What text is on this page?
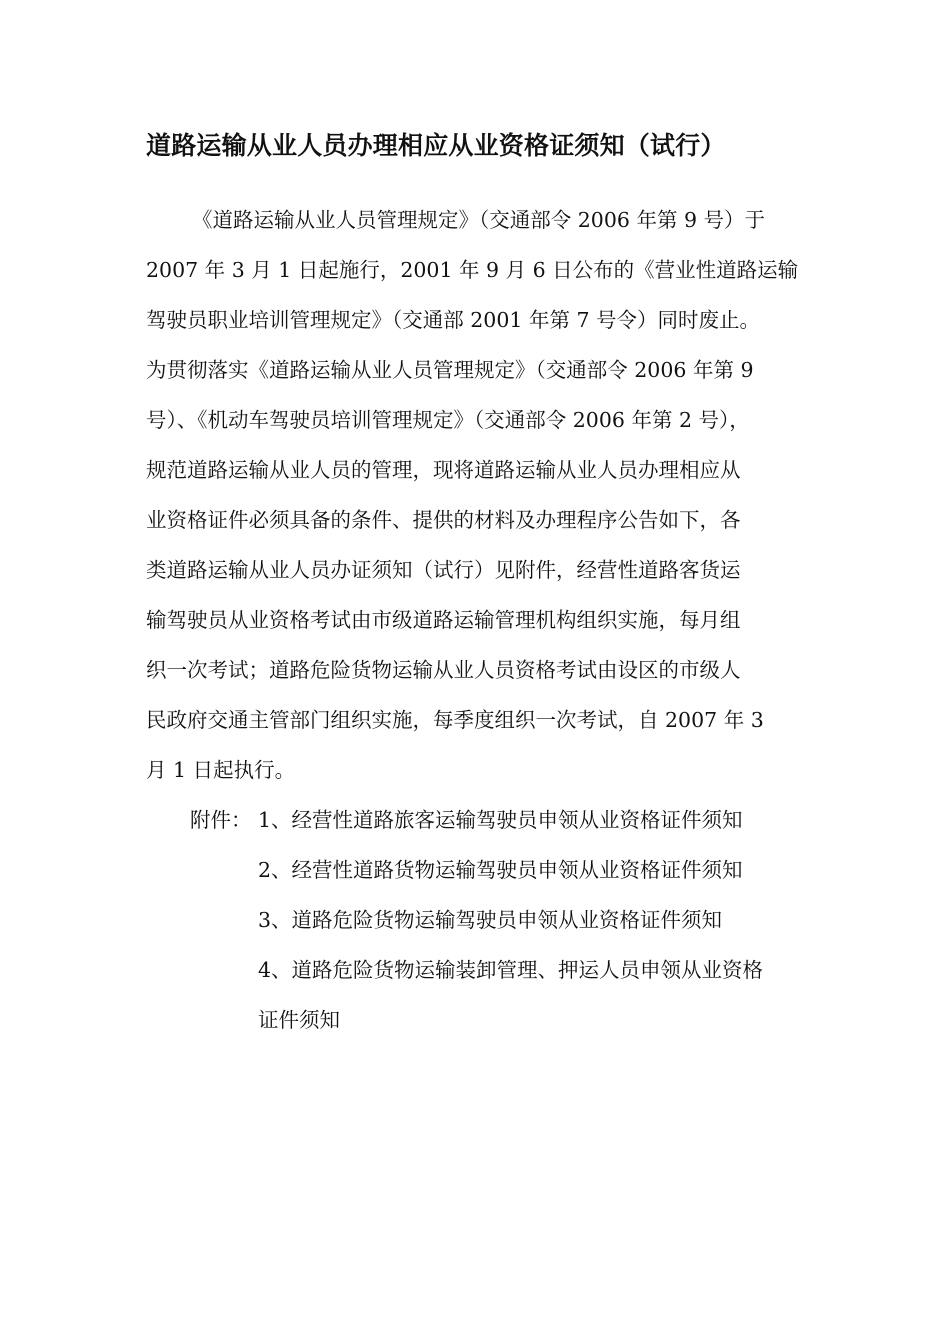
道路运输从业人员办理相应从业资格证须知（试行）

《道路运输从业人员管理规定》（交通部令 2006 年第 9 号）于

2007 年 3 月 1 日起施行，2001 年 9 月 6 日公布的《营业性道路运输

驾驶员职业培训管理规定》（交通部 2001 年第 7 号令）同时废止。

为贯彻落实《道路运输从业人员管理规定》（交通部令 2006 年第 9

号）、《机动车驾驶员培训管理规定》（交通部令 2006 年第 2 号），

规范道路运输从业人员的管理，现将道路运输从业人员办理相应从

业资格证件必须具备的条件、提供的材料及办理程序公告如下，各

类道路运输从业人员办证须知（试行）见附件，经营性道路客货运

输驾驶员从业资格考试由市级道路运输管理机构组织实施，每月组

织一次考试；道路危险货物运输从业人员资格考试由设区的市级人

民政府交通主管部门组织实施，每季度组织一次考试，自 2007 年 3

月 1 日起执行。

附件： 1、经营性道路旅客运输驾驶员申领从业资格证件须知

2、经营性道路货物运输驾驶员申领从业资格证件须知

3、道路危险货物运输驾驶员申领从业资格证件须知

4、道路危险货物运输装卸管理、押运人员申领从业资格

证件须知
